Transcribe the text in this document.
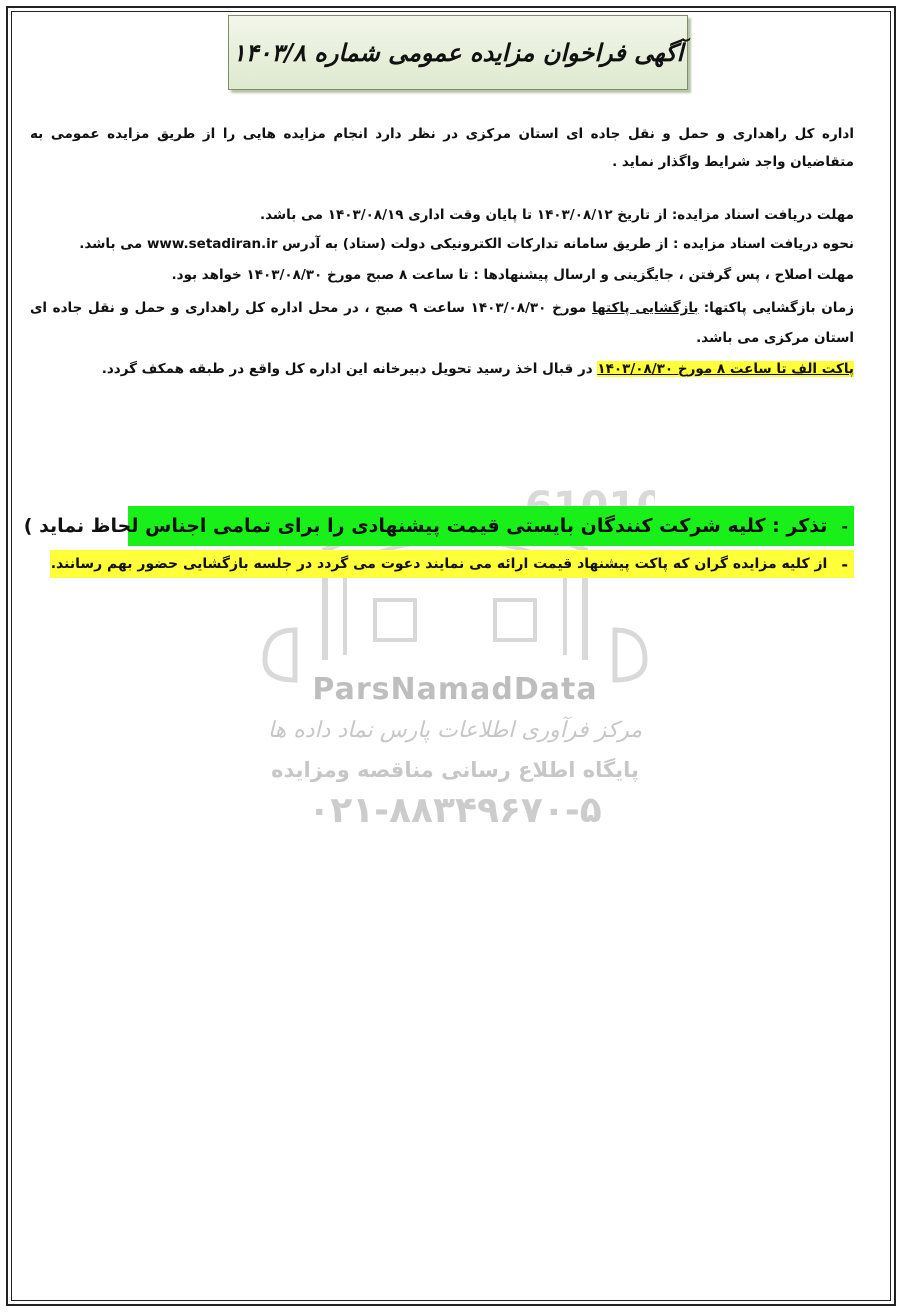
ParsNamadData
مرکز فرآوری اطلاعات پارس نماد داده ها
پایگاه اطلاع رسانی مناقصه ومزایده
۰۲۱-۸۸۳۴۹۶۷۰-۵
آگهی فراخوان مزایده عمومی شماره ۱۴۰۳/۸
اداره کل راهداری و حمل و نقل جاده ای استان مرکزی در نظر دارد انجام مزایده هایی را از طریق مزایده عمومی به متقاضیان واجد شرایط واگذار نماید .
مهلت دریافت اسناد مزایده: از تاریخ ۱۴۰۳/۰۸/۱۲ تا پایان وقت اداری ۱۴۰۳/۰۸/۱۹ می باشد.
نحوه دریافت اسناد مزایده : از طریق سامانه تدارکات الکترونیکی دولت (ستاد) به آدرس www.setadiran.ir می باشد.
مهلت اصلاح ، پس گرفتن ، جایگزینی و ارسال پیشنهادها : تا ساعت ۸ صبح مورخ ۱۴۰۳/۰۸/۳۰ خواهد بود.
زمان بازگشایی پاکتها: بازگشایی پاکتها مورخ ۱۴۰۳/۰۸/۳۰ ساعت ۹ صبح ، در محل اداره کل راهداری و حمل و نقل جاده ای استان مرکزی می باشد.
پاکت الف تا ساعت ۸ مورخ ۱۴۰۳/۰۸/۳۰ در قبال اخذ رسید تحویل دبیرخانه این اداره کل واقع در طبقه همکف گردد.
-
تذکر : کلیه شرکت کنندگان بایستی قیمت پیشنهادی را برای تمامی اجناس لحاظ نماید )
-
از کلیه مزایده گران که پاکت پیشنهاد قیمت ارائه می نمایند دعوت می گردد در جلسه بازگشایی حضور بهم رسانند.
